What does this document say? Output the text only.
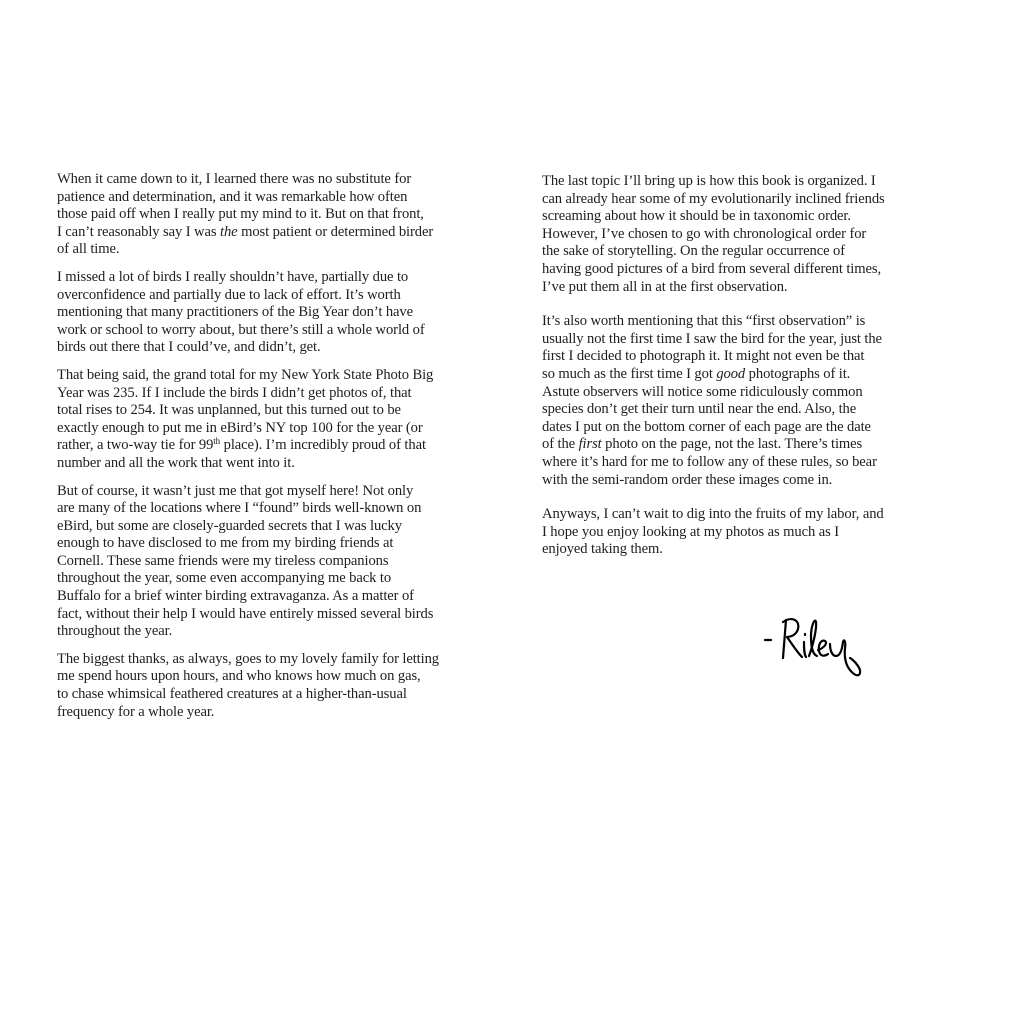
When it came down to it, I learned there was no substitute for
patience and determination, and it was remarkable how often
those paid off when I really put my mind to it. But on that front,
I can’t reasonably say I was the most patient or determined birder
of all time.

I missed a lot of birds I really shouldn’t have, partially due to
overconfidence and partially due to lack of effort. It’s worth
mentioning that many practitioners of the Big Year don’t have
work or school to worry about, but there’s still a whole world of
birds out there that I could’ve, and didn’t, get.

That being said, the grand total for my New York State Photo Big
Year was 235. If I include the birds I didn’t get photos of, that
total rises to 254. It was unplanned, but this turned out to be
exactly enough to put me in eBird’s NY top 100 for the year (or
rather, a two-way tie for 99th place). I’m incredibly proud of that
number and all the work that went into it.

But of course, it wasn’t just me that got myself here! Not only
are many of the locations where I “found” birds well-known on
eBird, but some are closely-guarded secrets that I was lucky
enough to have disclosed to me from my birding friends at
Cornell. These same friends were my tireless companions
throughout the year, some even accompanying me back to
Buffalo for a brief winter birding extravaganza. As a matter of
fact, without their help I would have entirely missed several birds
throughout the year.

The biggest thanks, as always, goes to my lovely family for letting
me spend hours upon hours, and who knows how much on gas,
to chase whimsical feathered creatures at a higher-than-usual
frequency for a whole year.

The last topic I’ll bring up is how this book is organized. I
can already hear some of my evolutionarily inclined friends
screaming about how it should be in taxonomic order.
However, I’ve chosen to go with chronological order for
the sake of storytelling. On the regular occurrence of
having good pictures of a bird from several different times,
I’ve put them all in at the first observation.

It’s also worth mentioning that this “first observation” is
usually not the first time I saw the bird for the year, just the
first I decided to photograph it. It might not even be that
so much as the first time I got good photographs of it.
Astute observers will notice some ridiculously common
species don’t get their turn until near the end. Also, the
dates I put on the bottom corner of each page are the date
of the first photo on the page, not the last. There’s times
where it’s hard for me to follow any of these rules, so bear
with the semi-random order these images come in.

Anyways, I can’t wait to dig into the fruits of my labor, and
I hope you enjoy looking at my photos as much as I
enjoyed taking them.
